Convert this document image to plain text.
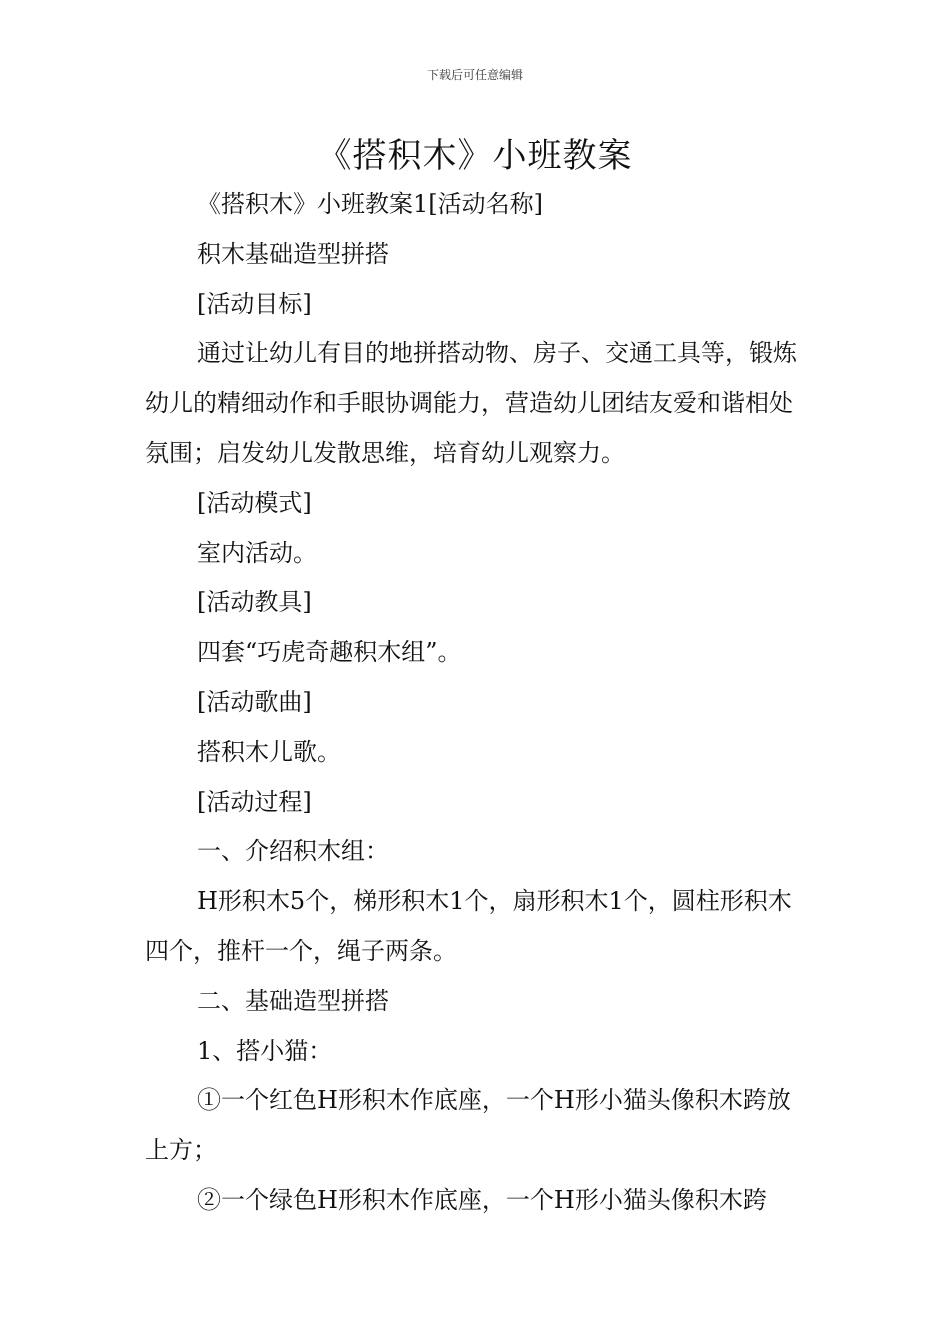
下载后可任意编辑
《搭积木》小班教案

《搭积木》小班教案1[活动名称]

积木基础造型拼搭

[活动目标]

通过让幼儿有目的地拼搭动物、房子、交通工具等，锻炼幼儿的精细动作和手眼协调能力，营造幼儿团结友爱和谐相处氛围；启发幼儿发散思维，培育幼儿观察力。

[活动模式]

室内活动。

[活动教具]

四套“巧虎奇趣积木组”。

[活动歌曲]

搭积木儿歌。

[活动过程]

一、介绍积木组：

H形积木5个，梯形积木1个，扇形积木1个，圆柱形积木四个，推杆一个，绳子两条。

二、基础造型拼搭

1、搭小猫：

①一个红色H形积木作底座，一个H形小猫头像积木跨放上方；

②一个绿色H形积木作底座，一个H形小猫头像积木跨
